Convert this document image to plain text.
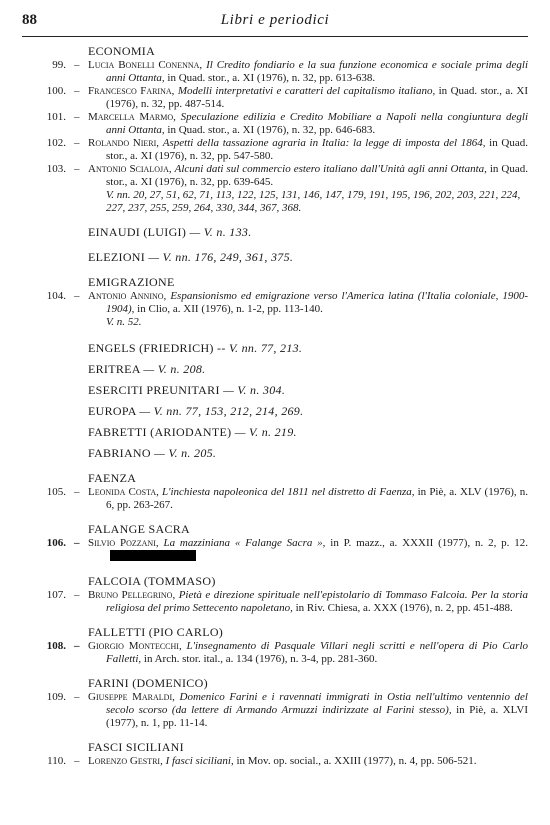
88	Libri e periodici
ECONOMIA
99. – Lucia Bonelli Conenna, Il Credito fondiario e la sua funzione economica e sociale prima degli anni Ottanta, in Quad. stor., a. XI (1976), n. 32, pp. 613-638.
100. – Francesco Farina, Modelli interpretativi e caratteri del capitalismo italiano, in Quad. stor., a. XI (1976), n. 32, pp. 487-514.
101. – Marcella Marmo, Speculazione edilizia e Credito Mobiliare a Napoli nella congiuntura degli anni Ottanta, in Quad. stor., a. XI (1976), n. 32, pp. 646-683.
102. – Rolando Nieri, Aspetti della tassazione agraria in Italia: la legge di imposta del 1864, in Quad. stor., a. XI (1976), n. 32, pp. 547-580.
103. – Antonio Scialoja, Alcuni dati sul commercio estero italiano dall'Unità agli anni Ottanta, in Quad. stor., a. XI (1976), n. 32, pp. 639-645.
V. nn. 20, 27, 51, 62, 71, 113, 122, 125, 131, 146, 147, 179, 191, 195, 196, 202, 203, 221, 224, 227, 237, 255, 259, 264, 330, 344, 367, 368.
EINAUDI (LUIGI) — V. n. 133.
ELEZIONI — V. nn. 176, 249, 361, 375.
EMIGRAZIONE
104. – Antonio Annino, Espansionismo ed emigrazione verso l'America latina (l'Italia coloniale, 1900-1904), in Clio, a. XII (1976), n. 1-2, pp. 113-140.
V. n. 52.
ENGELS (FRIEDRICH) -- V. nn. 77, 213.
ERITREA — V. n. 208.
ESERCITI PREUNITARI — V. n. 304.
EUROPA — V. nn. 77, 153, 212, 214, 269.
FABRETTI (ARIODANTE) — V. n. 219.
FABRIANO — V. n. 205.
FAENZA
105. – Leonida Costa, L'inchiesta napoleonica del 1811 nel distretto di Faenza, in Piè, a. XLV (1976), n. 6, pp. 263-267.
FALANGE SACRA
106. – Silvio Pozzani, La mazziniana « Falange Sacra », in P. mazz., a. XXXII (1977), n. 2, p. 12.
FALCOIA (TOMMASO)
107. – Bruno Pellegrino, Pietà e direzione spirituale nell'epistolario di Tommaso Falcoia. Per la storia religiosa del primo Settecento napoletano, in Riv. Chiesa, a. XXX (1976), n. 2, pp. 451-488.
FALLETTI (PIO CARLO)
108. – Giorgio Montecchi, L'insegnamento di Pasquale Villari negli scritti e nell'opera di Pio Carlo Falletti, in Arch. stor. ital., a. 134 (1976), n. 3-4, pp. 281-360.
FARINI (DOMENICO)
109. – Giuseppe Maraldi, Domenico Farini e i ravennati immigrati in Ostia nell'ultimo ventennio del secolo scorso (da lettere di Armando Armuzzi indirizzate al Farini stesso), in Piè, a. XLVI (1977), n. 1, pp. 11-14.
FASCI SICILIANI
110. – Lorenzo Gestri, I fasci siciliani, in Mov. op. social., a. XXIII (1977), n. 4, pp. 506-521.
